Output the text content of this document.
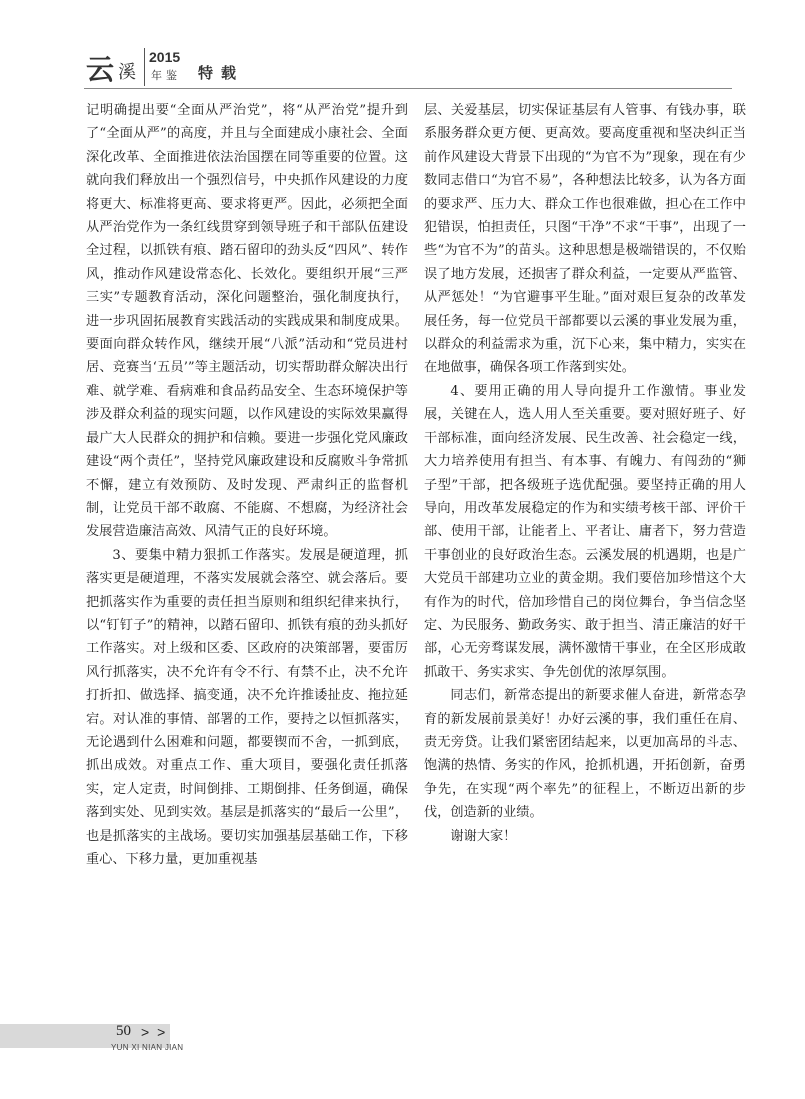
云 溪
2015
年鉴 特载

记明确提出要“全面从严治党”，将“从严治党”提升到了“全面从严”的高度，并且与全面建成小康社会、全面深化改革、全面推进依法治国摆在同等重要的位置。这就向我们释放出一个强烈信号，中央抓作风建设的力度将更大、标准将更高、要求将更严。因此，必须把全面从严治党作为一条红线贯穿到领导班子和干部队伍建设全过程，以抓铁有痕、踏石留印的劲头反“四风”、转作风，推动作风建设常态化、长效化。要组织开展“三严三实”专题教育活动，深化问题整治，强化制度执行，进一步巩固拓展教育实践活动的实践成果和制度成果。要面向群众转作风，继续开展“八派”活动和“党员进村居、竞赛当‘五员’”等主题活动，切实帮助群众解决出行难、就学难、看病难和食品药品安全、生态环境保护等涉及群众利益的现实问题，以作风建设的实际效果赢得最广大人民群众的拥护和信赖。要进一步强化党风廉政建设“两个责任”，坚持党风廉政建设和反腐败斗争常抓不懈，建立有效预防、及时发现、严肃纠正的监督机制，让党员干部不敢腐、不能腐、不想腐，为经济社会发展营造廉洁高效、风清气正的良好环境。

3、要集中精力狠抓工作落实。发展是硬道理，抓落实更是硬道理，不落实发展就会落空、就会落后。要把抓落实作为重要的责任担当原则和组织纪律来执行，以“钉钉子”的精神，以踏石留印、抓铁有痕的劲头抓好工作落实。对上级和区委、区政府的决策部署，要雷厉风行抓落实，决不允许有令不行、有禁不止，决不允许打折扣、做选择、搞变通，决不允许推诿扯皮、拖拉延宕。对认准的事情、部署的工作，要持之以恒抓落实，无论遇到什么困难和问题，都要锲而不舍，一抓到底，抓出成效。对重点工作、重大项目，要强化责任抓落实，定人定责，时间倒排、工期倒排、任务倒逼，确保落到实处、见到实效。基层是抓落实的“最后一公里”，也是抓落实的主战场。要切实加强基层基础工作，下移重心、下移力量，更加重视基

层、关爱基层，切实保证基层有人管事、有钱办事，联系服务群众更方便、更高效。要高度重视和坚决纠正当前作风建设大背景下出现的“为官不为”现象，现在有少数同志借口“为官不易”，各种想法比较多，认为各方面的要求严、压力大、群众工作也很难做，担心在工作中犯错误，怕担责任，只图“干净”不求“干事”，出现了一些“为官不为”的苗头。这种思想是极端错误的，不仅贻误了地方发展，还损害了群众利益，一定要从严监管、从严惩处！“为官避事平生耻。”面对艰巨复杂的改革发展任务，每一位党员干部都要以云溪的事业发展为重，以群众的利益需求为重，沉下心来，集中精力，实实在在地做事，确保各项工作落到实处。

4、要用正确的用人导向提升工作激情。事业发展，关键在人，选人用人至关重要。要对照好班子、好干部标准，面向经济发展、民生改善、社会稳定一线，大力培养使用有担当、有本事、有魄力、有闯劲的“狮子型”干部，把各级班子选优配强。要坚持正确的用人导向，用改革发展稳定的作为和实绩考核干部、评价干部、使用干部，让能者上、平者让、庸者下，努力营造干事创业的良好政治生态。云溪发展的机遇期，也是广大党员干部建功立业的黄金期。我们要倍加珍惜这个大有作为的时代，倍加珍惜自己的岗位舞台，争当信念坚定、为民服务、勤政务实、敢于担当、清正廉洁的好干部，心无旁骛谋发展，满怀激情干事业，在全区形成敢抓敢干、务实求实、争先创优的浓厚氛围。

同志们，新常态提出的新要求催人奋进，新常态孕育的新发展前景美好！办好云溪的事，我们重任在肩、责无旁贷。让我们紧密团结起来，以更加高昂的斗志、饱满的热情、务实的作风，抢抓机遇，开拓创新，奋勇争先，在实现“两个率先”的征程上，不断迈出新的步伐，创造新的业绩。

谢谢大家！

50 > >
YUN XI NIAN JIAN
